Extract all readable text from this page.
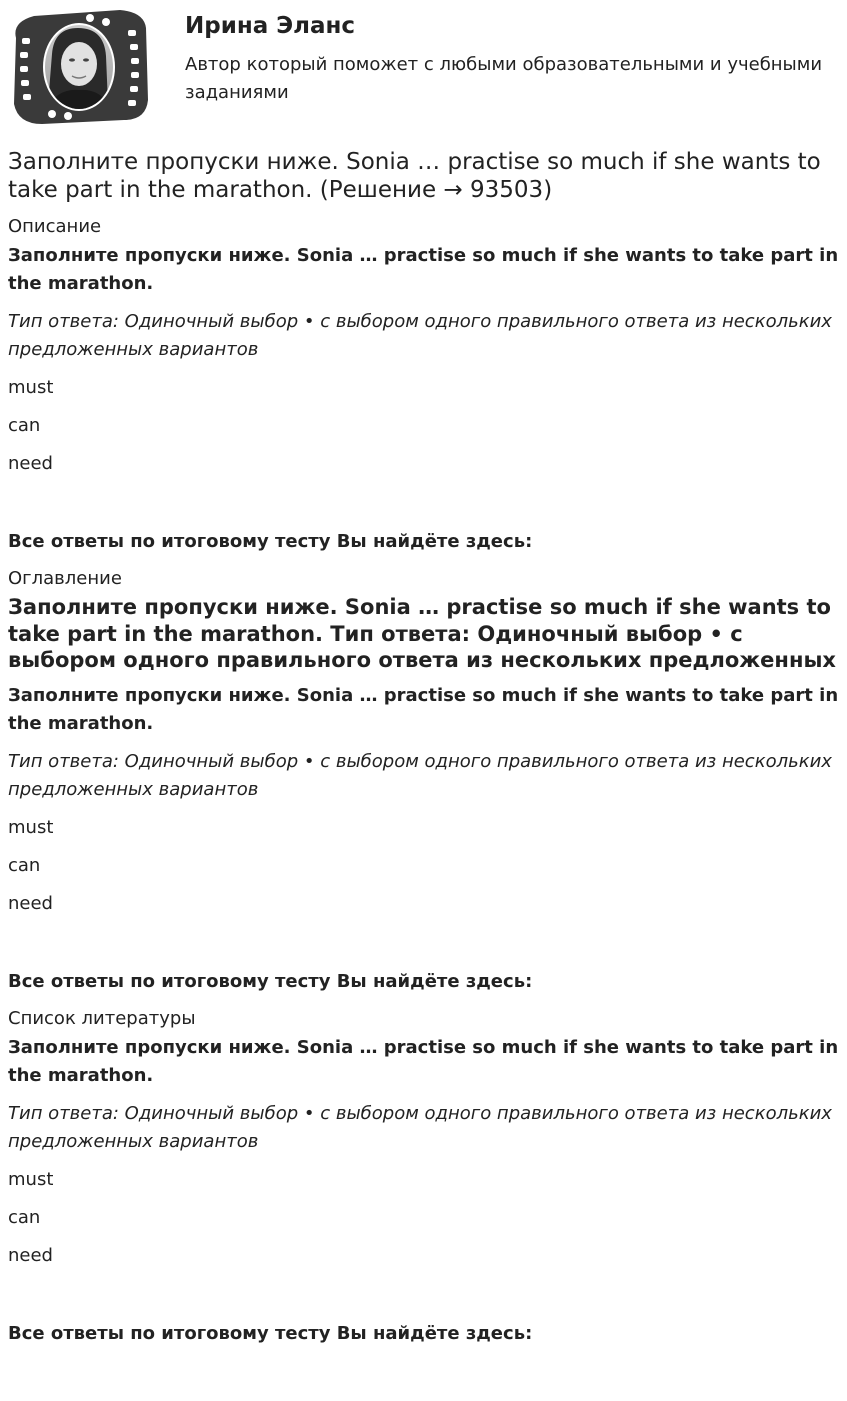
Ирина Эланс
Автор который поможет с любыми образовательными и учебными заданиями
Заполните пропуски ниже. Sonia … practise so much if she wants to take part in the marathon. (Решение → 93503)
Описание
Заполните пропуски ниже. Sonia … practise so much if she wants to take part in the marathon.
Тип ответа: Одиночный выбор • с выбором одного правильного ответа из нескольких предложенных вариантов
must
can
need
Все ответы по итоговому тесту Вы найдёте здесь:
Оглавление
Заполните пропуски ниже. Sonia … practise so much if she wants to take part in the marathon. Тип ответа: Одиночный выбор • с выбором одного правильного ответа из нескольких предложенных
Заполните пропуски ниже. Sonia … practise so much if she wants to take part in the marathon.
Тип ответа: Одиночный выбор • с выбором одного правильного ответа из нескольких предложенных вариантов
must
can
need
Все ответы по итоговому тесту Вы найдёте здесь:
Список литературы
Заполните пропуски ниже. Sonia … practise so much if she wants to take part in the marathon.
Тип ответа: Одиночный выбор • с выбором одного правильного ответа из нескольких предложенных вариантов
must
can
need
Все ответы по итоговому тесту Вы найдёте здесь:
